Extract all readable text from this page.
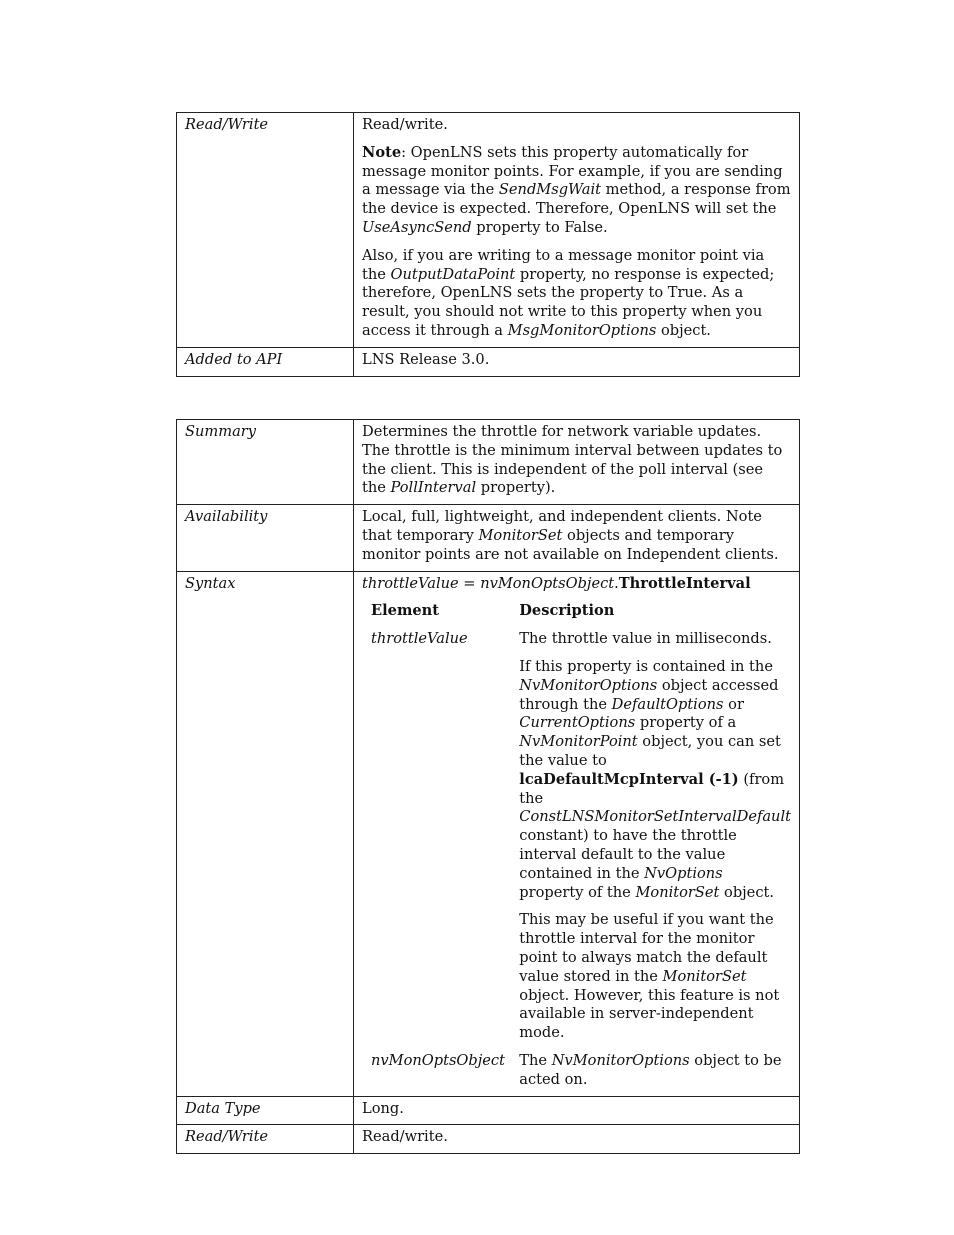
Read/Write	Read/write.

Note: OpenLNS sets this property automatically for message monitor points. For example, if you are sending a message via the SendMsgWait method, a response from the device is expected. Therefore, OpenLNS will set the UseAsyncSend property to False.

Also, if you are writing to a message monitor point via the OutputDataPoint property, no response is expected; therefore, OpenLNS sets the property to True. As a result, you should not write to this property when you access it through a MsgMonitorOptions object.

Added to API	LNS Release 3.0.
Summary	Determines the throttle for network variable updates. The throttle is the minimum interval between updates to the client. This is independent of the poll interval (see the PollInterval property).
Availability	Local, full, lightweight, and independent clients. Note that temporary MonitorSet objects and temporary monitor points are not available on Independent clients.
Syntax	throttleValue = nvMonOptsObject.ThrottleInterval
Element	Description
throttleValue	The throttle value in milliseconds.

If this property is contained in the NvMonitorOptions object accessed through the DefaultOptions or CurrentOptions property of a NvMonitorPoint object, you can set the value to lcaDefaultMcpInterval (-1) (from the ConstLNSMonitorSetIntervalDefault constant) to have the throttle interval default to the value contained in the NvOptions property of the MonitorSet object.

This may be useful if you want the throttle interval for the monitor point to always match the default value stored in the MonitorSet object. However, this feature is not available in server-independent mode.

nvMonOptsObject	The NvMonitorOptions object to be acted on.

Data Type	Long.
Read/Write	Read/write.
